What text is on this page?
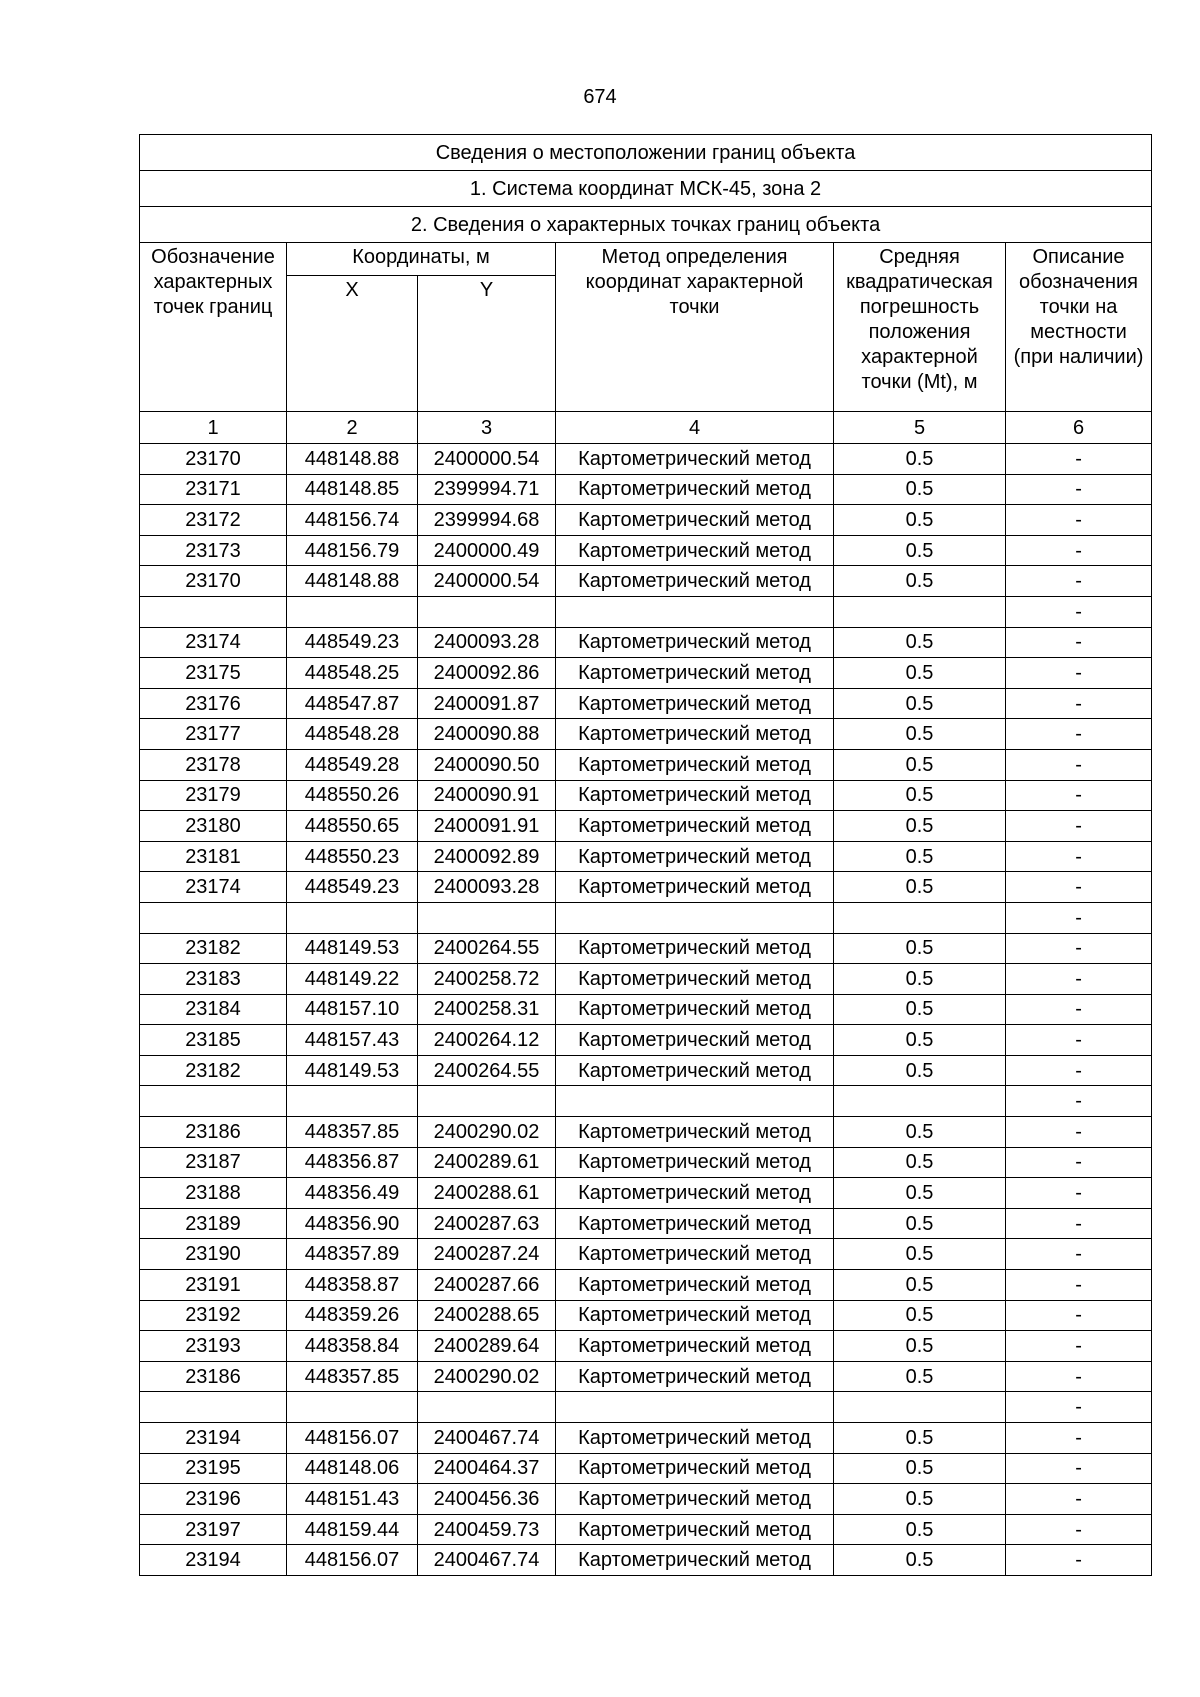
674
Сведения о местоположении границ объекта					
1. Система координат МСК-45, зона 2					
2. Сведения о характерных точках границ объекта					
Обозначение характерных точек границ	Координаты, м		Метод определения координат характерной точки	Средняя квадратическая погрешность положения характерной точки (Mt), м	Описание обозначения точки на местности (при наличии)
	X	Y			
1	2	3	4	5	6
23170	448148.88	2400000.54	Картометрический метод	0.5	-
23171	448148.85	2399994.71	Картометрический метод	0.5	-
23172	448156.74	2399994.68	Картометрический метод	0.5	-
23173	448156.79	2400000.49	Картометрический метод	0.5	-
23170	448148.88	2400000.54	Картометрический метод	0.5	-
					-
23174	448549.23	2400093.28	Картометрический метод	0.5	-
23175	448548.25	2400092.86	Картометрический метод	0.5	-
23176	448547.87	2400091.87	Картометрический метод	0.5	-
23177	448548.28	2400090.88	Картометрический метод	0.5	-
23178	448549.28	2400090.50	Картометрический метод	0.5	-
23179	448550.26	2400090.91	Картометрический метод	0.5	-
23180	448550.65	2400091.91	Картометрический метод	0.5	-
23181	448550.23	2400092.89	Картометрический метод	0.5	-
23174	448549.23	2400093.28	Картометрический метод	0.5	-
					-
23182	448149.53	2400264.55	Картометрический метод	0.5	-
23183	448149.22	2400258.72	Картометрический метод	0.5	-
23184	448157.10	2400258.31	Картометрический метод	0.5	-
23185	448157.43	2400264.12	Картометрический метод	0.5	-
23182	448149.53	2400264.55	Картометрический метод	0.5	-
					-
23186	448357.85	2400290.02	Картометрический метод	0.5	-
23187	448356.87	2400289.61	Картометрический метод	0.5	-
23188	448356.49	2400288.61	Картометрический метод	0.5	-
23189	448356.90	2400287.63	Картометрический метод	0.5	-
23190	448357.89	2400287.24	Картометрический метод	0.5	-
23191	448358.87	2400287.66	Картометрический метод	0.5	-
23192	448359.26	2400288.65	Картометрический метод	0.5	-
23193	448358.84	2400289.64	Картометрический метод	0.5	-
23186	448357.85	2400290.02	Картометрический метод	0.5	-
					-
23194	448156.07	2400467.74	Картометрический метод	0.5	-
23195	448148.06	2400464.37	Картометрический метод	0.5	-
23196	448151.43	2400456.36	Картометрический метод	0.5	-
23197	448159.44	2400459.73	Картометрический метод	0.5	-
23194	448156.07	2400467.74	Картометрический метод	0.5	-
